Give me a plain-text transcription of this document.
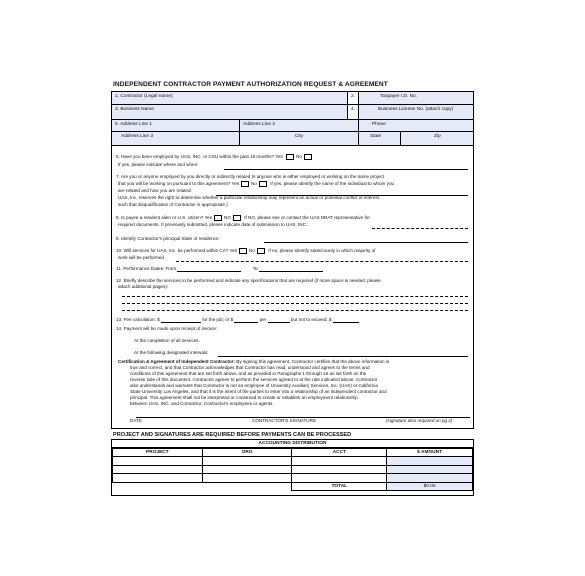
INDEPENDENT CONTRACTOR PAYMENT AUTHORIZATION REQUEST & AGREEMENT
1. Contractor (Legal name):	2.	Taxpayer I.D. No.
3. Business Name	4.	Business License No. (attach copy)
5. Address Line 1	Address Line 2	Phone
Address Line 3	City	State	Zip
6. Have you been employed by UAS, INC. or CSU within the past 18 months? Yes	No
If yes, please indicate where and when:
7. Are you or anyone employed by you directly or indirectly related to anyone who is either employed or working on the same project
that you will be working on pursuant to this agreement? Yes	No	If yes, please identify the name of the individual to whom you
are related and how you are related:
UAS, Inc. reserves the right to determine whether a particular relationship may represent an actual or potential conflict of interest,
such that disqualification of Contractor is appropriate.)
8. Is payee a resident alien or U.S. citizen? Yes	NO	If NO, please see or contact the UAS NRAT representative for
required documents. If previously submitted, please indicate date of submission to UAS, INC.:
9. Identify Contractor's principal State of residence:
10. Will services for UAS, Inc. be performed within CA? Yes	No	If no, please identify state/county in which majority of
work will be performed
11. Performance Dates: From	To
12. Briefly describe the services to be performed and indicate any specifications that are required (if more space is needed, please
attach additional pages):
13. Fee calculation: $	for the job; or $	per	but not to exceed: $
14. Payment will be made upon receipt of invoice:
At the completion of all services.
At the following designated intervals:
Certification & Agreement of Independent Contractor: By signing this agreement, Contractor certifies that the above information is
true and correct, and that Contractor acknowledges that Contractor has read, understood and agrees to the terms and
conditions of this agreement that are set forth above, and as provided in Paragraphs 1 through 16 as set forth on the
reverse side of this document. Contractor agrees to perform the services agreed to at the rate indicated above. Contractor
also understands and warrants that Contractor is not an employee of University Auxiliary Services, Inc. (UAS) or California
State University Los Angeles, and that it is the intent of the parties to enter into a relationship of an independent contractor and
principal. This agreement shall not be interpreted or construed to create or establish an employment relationship
between UAS, INC. and Contractor, Contractor's employees or agents.
DATE	CONTRACTOR'S SIGNATURE	(signature also required on pg 2)
PROJECT AND SIGNATURES ARE REQUIRED BEFORE PAYMENTS CAN BE PROCESSED
ACCOUNTING DISTRIBUTION
PROJECT	ORG	ACCT	$ AMOUNT

		TOTAL	$0.00
